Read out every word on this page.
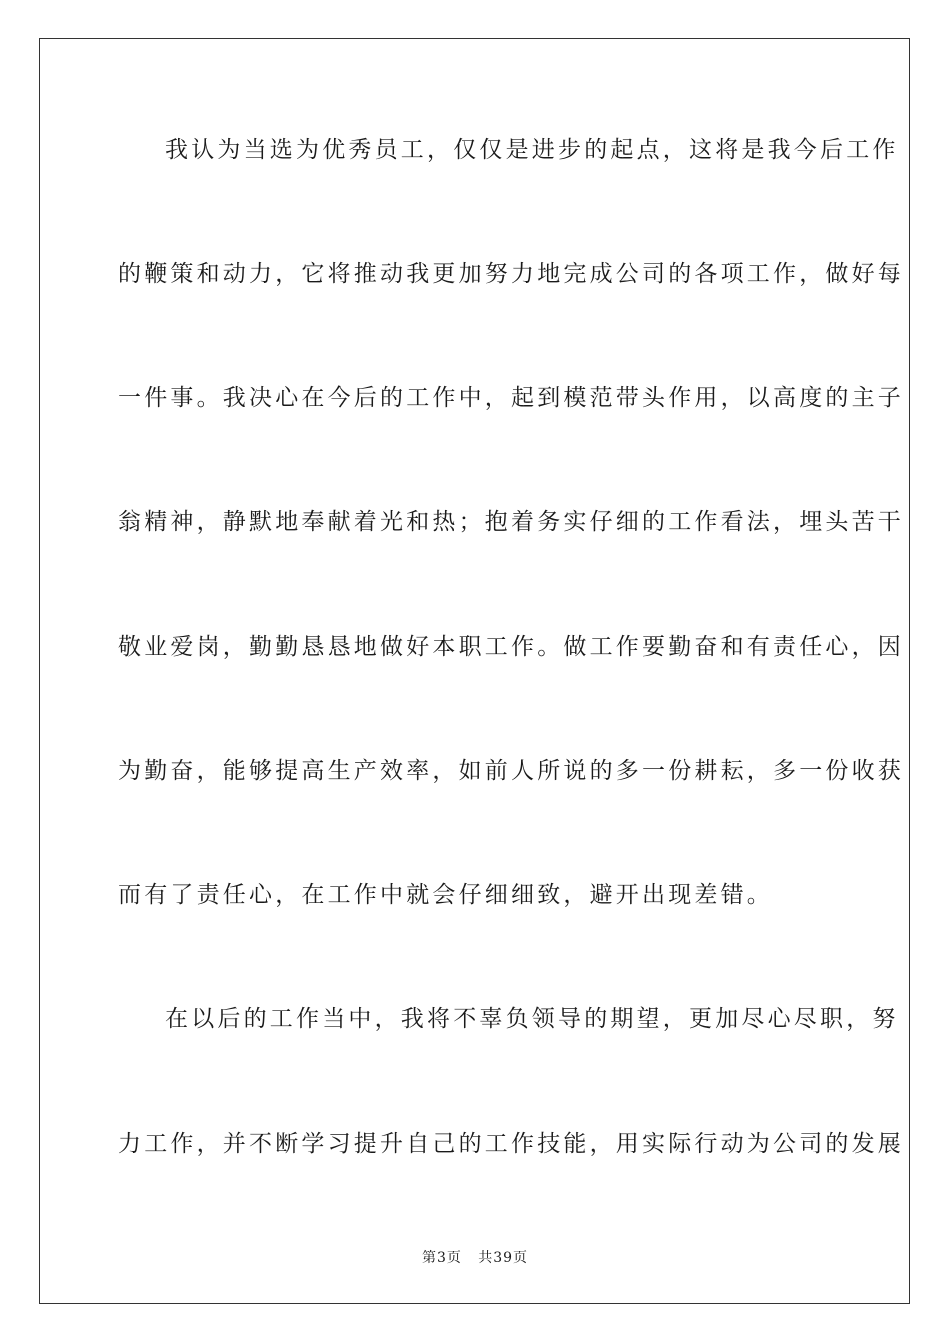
我认为当选为优秀员工，仅仅是进步的起点，这将是我今后工作
的鞭策和动力，它将推动我更加努力地完成公司的各项工作，做好每
一件事。我决心在今后的工作中，起到模范带头作用，以高度的主子
翁精神，静默地奉献着光和热；抱着务实仔细的工作看法，埋头苦干
敬业爱岗，勤勤恳恳地做好本职工作。做工作要勤奋和有责任心，因
为勤奋，能够提高生产效率，如前人所说的多一份耕耘，多一份收获
而有了责任心，在工作中就会仔细细致，避开出现差错。
在以后的工作当中，我将不辜负领导的期望，更加尽心尽职，努
力工作，并不断学习提升自己的工作技能，用实际行动为公司的发展
第3页 共39页
